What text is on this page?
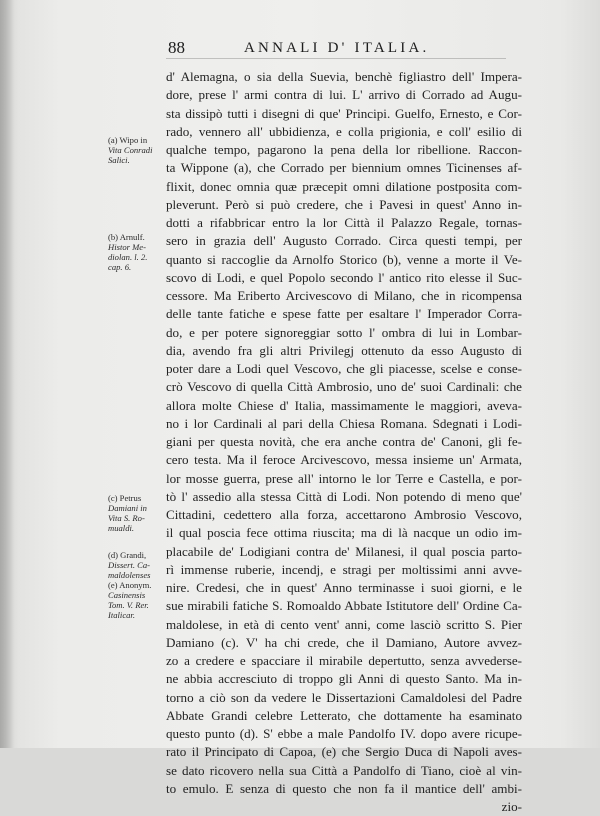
88	ANNALI D' ITALIA.
d' Alemagna, o sia della Suevia, benchè figliastro dell' Impera-
dore, prese l' armi contra di lui. L' arrivo di Corrado ad Augu-
sta dissipò tutti i disegni di que' Principi. Guelfo, Ernesto, e Cor-
rado, vennero all' ubbidienza, e colla prigionia, e coll' esilio di
qualche tempo, pagarono la pena della lor ribellione. Raccon-
ta Wippone (a), che Corrado per biennium omnes Ticinenses af-
flixit, donec omnia quæ præcepit omni dilatione postposita com-
pleverunt. Però si può credere, che i Pavesi in quest' Anno in-
dotti a rifabbricar entro la lor Città il Palazzo Regale, tornas-
sero in grazia dell' Augusto Corrado. Circa questi tempi, per
quanto si raccoglie da Arnolfo Storico (b), venne a morte il Ve-
scovo di Lodi, e quel Popolo secondo l' antico rito elesse il Suc-
cessore. Ma Eriberto Arcivescovo di Milano, che in ricompensa
delle tante fatiche e spese fatte per esaltare l' Imperador Corra-
do, e per potere signoreggiar sotto l' ombra di lui in Lombar-
dia, avendo fra gli altri Privilegj ottenuto da esso Augusto di
poter dare a Lodi quel Vescovo, che gli piacesse, scelse e conse-
crò Vescovo di quella Città Ambrosio, uno de' suoi Cardinali: che
allora molte Chiese d' Italia, massimamente le maggiori, aveva-
no i lor Cardinali al pari della Chiesa Romana. Sdegnati i Lodi-
giani per questa novità, che era anche contra de' Canoni, gli fe-
cero testa. Ma il feroce Arcivescovo, messa insieme un' Armata,
lor mosse guerra, prese all' intorno le lor Terre e Castella, e por-
tò l' assedio alla stessa Città di Lodi. Non potendo di meno que'
Cittadini, cedettero alla forza, accettarono Ambrosio Vescovo,
il qual poscia fece ottima riuscita; ma di là nacque un odio im-
placabile de' Lodigiani contra de' Milanesi, il qual poscia parto-
rì immense ruberie, incendj, e stragi per moltissimi anni avve-
nire. Credesi, che in quest' Anno terminasse i suoi giorni, e le
sue mirabili fatiche S. Romoaldo Abbate Istitutore dell' Ordine Ca-
maldolese, in età di cento vent' anni, come lasciò scritto S. Pier
Damiano (c). V' ha chi crede, che il Damiano, Autore avvez-
zo a credere e spacciare il mirabile depertutto, senza avvederse-
ne abbia accresciuto di troppo gli Anni di questo Santo. Ma in-
torno a ciò son da vedere le Dissertazioni Camaldolesi del Padre
Abbate Grandi celebre Letterato, che dottamente ha esaminato
questo punto (d). S' ebbe a male Pandolfo IV. dopo avere ricupe-
rato il Principato di Capoa, (e) che Sergio Duca di Napoli aves-
se dato ricovero nella sua Città a Pandolfo di Tiano, cioè al vin-
to emulo. E senza di questo che non fa il mantice dell' ambi-
zio-
(a) Wipo in
Vita Conradi
Salici.
(b) Arnulf.
Histor Me-
diolan. l. 2.
cap. 6.
(c) Petrus
Damiani in
Vita S. Ro-
mualdi.
(d) Grandi,
Dissert. Ca-
maldolenses
(e) Anonym.
Casinensis
Tom. V. Rer.
Italicar.
